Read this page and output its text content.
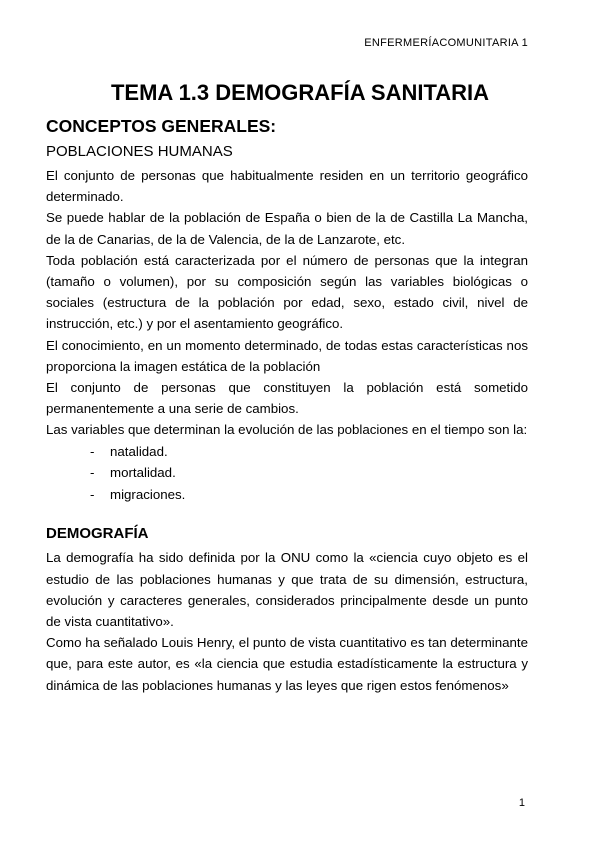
ENFERMERÍACOMUNITARIA 1
TEMA 1.3 DEMOGRAFÍA SANITARIA
CONCEPTOS GENERALES:
POBLACIONES HUMANAS

El conjunto de personas que habitualmente residen en un territorio geográfico determinado.

Se puede hablar de la población de España o bien de la de Castilla La Mancha, de la de Canarias, de la de Valencia, de la de Lanzarote, etc.

Toda población está caracterizada por el número de personas que la integran (tamaño o volumen), por su composición según las variables biológicas o sociales (estructura de la población por edad, sexo, estado civil, nivel de instrucción, etc.) y por el asentamiento geográfico.

El conocimiento, en un momento determinado, de todas estas características nos proporciona la imagen estática de la población

El conjunto de personas que constituyen la población está sometido permanentemente a una serie de cambios.

Las variables que determinan la evolución de las poblaciones en el tiempo son la:

- natalidad.
- mortalidad.
- migraciones.
DEMOGRAFÍA

La demografía ha sido definida por la ONU como la «ciencia cuyo objeto es el estudio de las poblaciones humanas y que trata de su dimensión, estructura, evolución y caracteres generales, considerados principalmente desde un punto de vista cuantitativo».

Como ha señalado Louis Henry, el punto de vista cuantitativo es tan determinante que, para este autor, es «la ciencia que estudia estadísticamente la estructura y dinámica de las poblaciones humanas y las leyes que rigen estos fenómenos»

1
